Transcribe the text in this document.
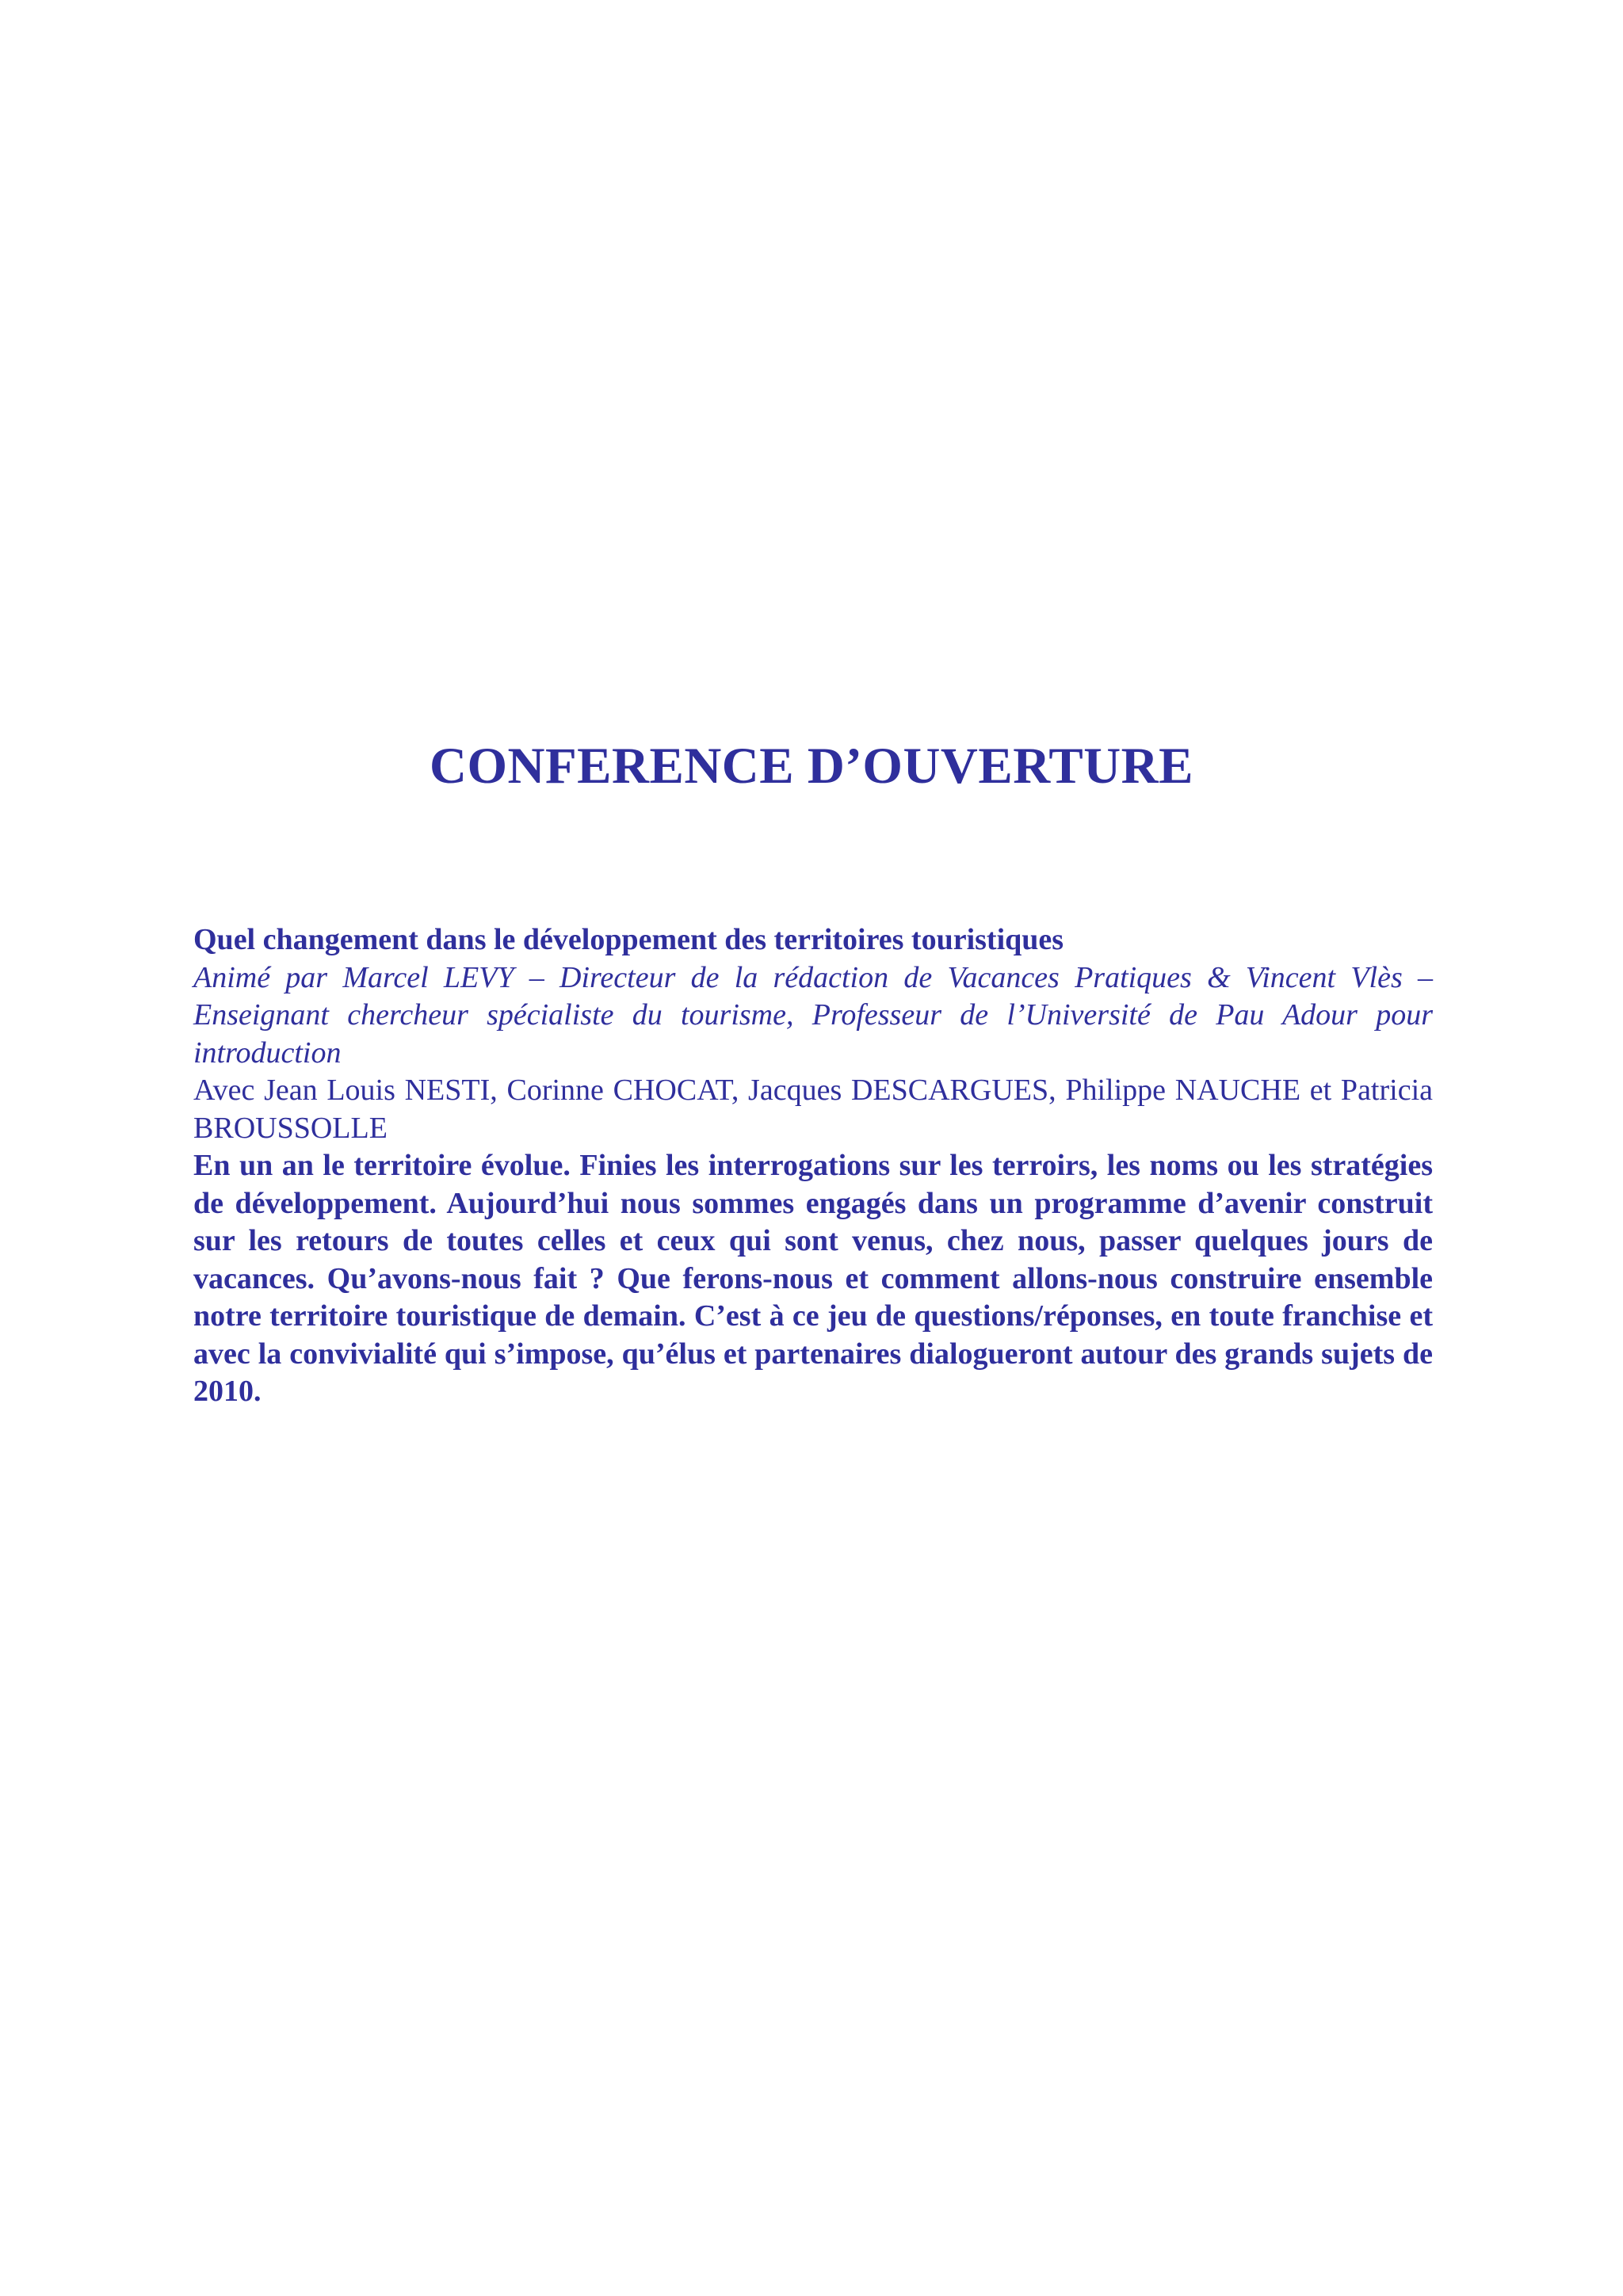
CONFERENCE D’OUVERTURE

Quel changement dans le développement des territoires touristiques

Animé par Marcel LEVY – Directeur de la rédaction de Vacances Pratiques & Vincent Vlès – Enseignant chercheur spécialiste du tourisme, Professeur de l’Université de Pau Adour pour introduction

Avec Jean Louis NESTI, Corinne CHOCAT, Jacques DESCARGUES, Philippe NAUCHE et Patricia BROUSSOLLE

En un an le territoire évolue. Finies les interrogations sur les terroirs, les noms ou les stratégies de développement. Aujourd’hui nous sommes engagés dans un programme d’avenir construit sur les retours de toutes celles et ceux qui sont venus, chez nous, passer quelques jours de vacances. Qu’avons-nous fait ? Que ferons-nous et comment allons-nous construire ensemble notre territoire touristique de demain. C’est à ce jeu de questions/réponses, en toute franchise et avec la convivialité qui s’impose, qu’élus et partenaires dialogueront autour des grands sujets de 2010.
